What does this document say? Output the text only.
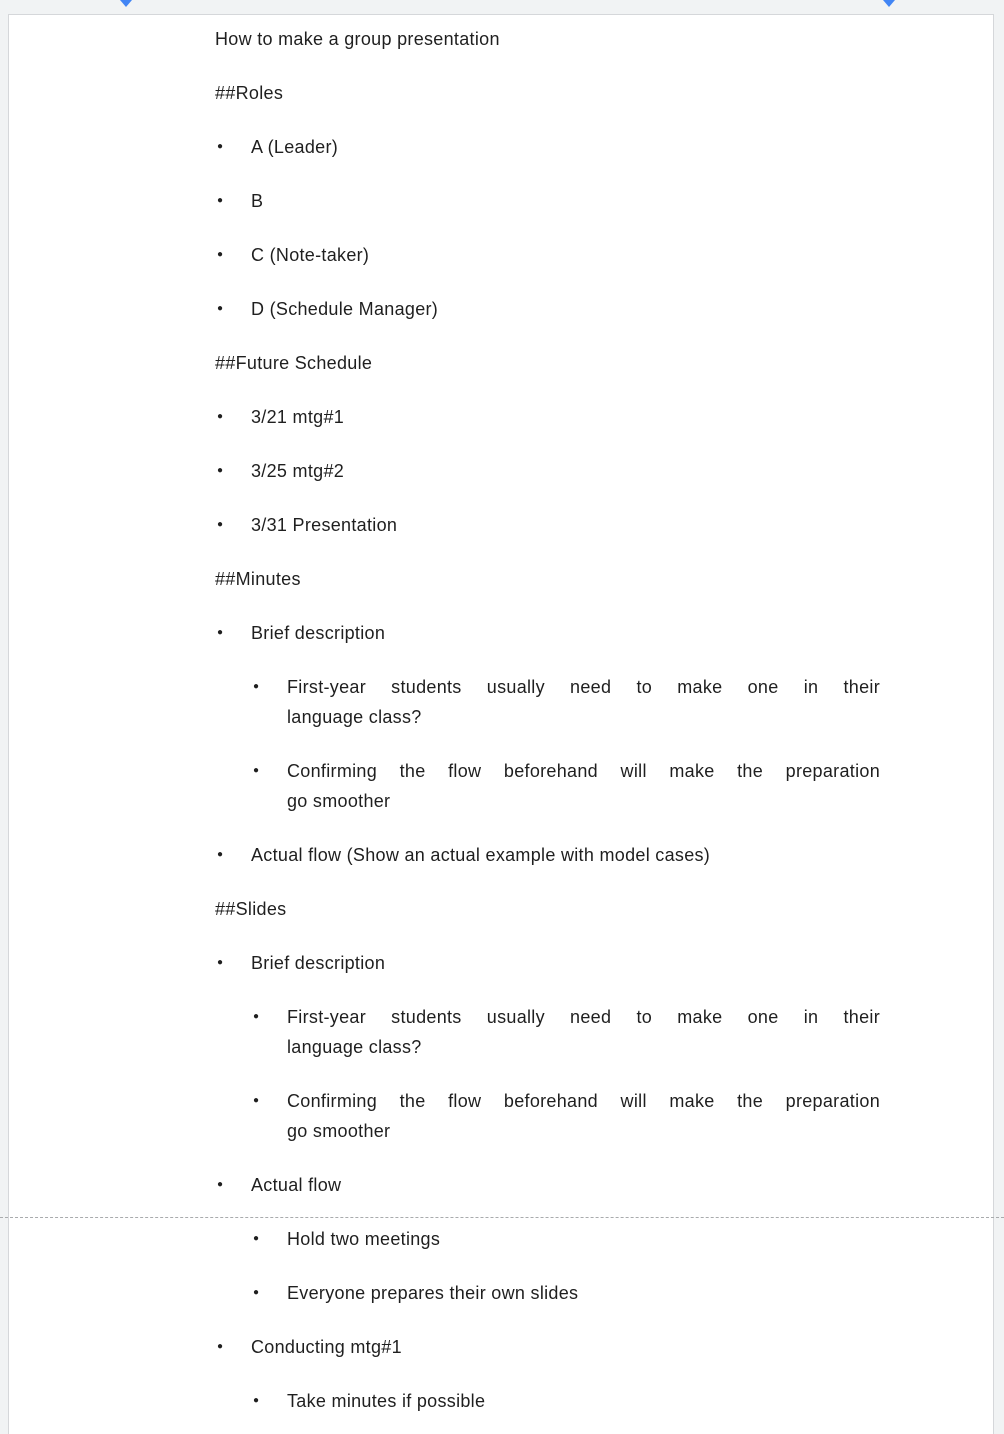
How to make a group presentation

##Roles

●	A (Leader)
●	B
●	C (Note-taker)
●	D (Schedule Manager)

##Future Schedule

●	3/21 mtg#1
●	3/25 mtg#2
●	3/31 Presentation

##Minutes

●	Brief description
●	First-year students usually need to make one in their
language class?
●	Confirming the flow beforehand will make the preparation
go smoother
●	Actual flow (Show an actual example with model cases)

##Slides

●	Brief description
●	First-year students usually need to make one in their
language class?
●	Confirming the flow beforehand will make the preparation
go smoother
●	Actual flow
●	Hold two meetings
●	Everyone prepares their own slides
●	Conducting mtg#1
●	Take minutes if possible
